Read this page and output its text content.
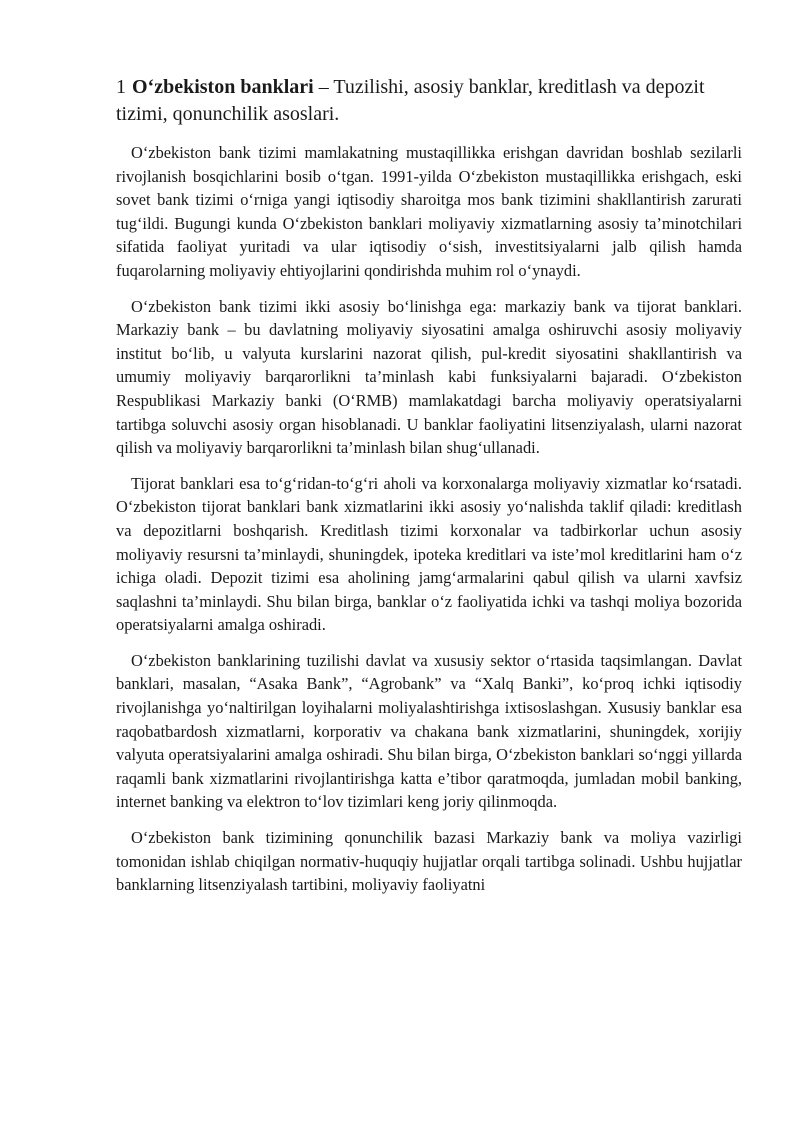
1 O‘zbekiston banklari – Tuzilishi, asosiy banklar, kreditlash va depozit tizimi, qonunchilik asoslari.

O‘zbekiston bank tizimi mamlakatning mustaqillikka erishgan davridan boshlab sezilarli rivojlanish bosqichlarini bosib o‘tgan. 1991-yilda O‘zbekiston mustaqillikka erishgach, eski sovet bank tizimi o‘rniga yangi iqtisodiy sharoitga mos bank tizimini shakllantirish zarurati tug‘ildi. Bugungi kunda O‘zbekiston banklari moliyaviy xizmatlarning asosiy ta’minotchilari sifatida faoliyat yuritadi va ular iqtisodiy o‘sish, investitsiyalarni jalb qilish hamda fuqarolarning moliyaviy ehtiyojlarini qondirishda muhim rol o‘ynaydi.

O‘zbekiston bank tizimi ikki asosiy bo‘linishga ega: markaziy bank va tijorat banklari. Markaziy bank – bu davlatning moliyaviy siyosatini amalga oshiruvchi asosiy moliyaviy institut bo‘lib, u valyuta kurslarini nazorat qilish, pul-kredit siyosatini shakllantirish va umumiy moliyaviy barqarorlikni ta’minlash kabi funksiyalarni bajaradi. O‘zbekiston Respublikasi Markaziy banki (O‘RMB) mamlakatdagi barcha moliyaviy operatsiyalarni tartibga soluvchi asosiy organ hisoblanadi. U banklar faoliyatini litsenziyalash, ularni nazorat qilish va moliyaviy barqarorlikni ta’minlash bilan shug‘ullanadi.

Tijorat banklari esa to‘g‘ridan-to‘g‘ri aholi va korxonalarga moliyaviy xizmatlar ko‘rsatadi. O‘zbekiston tijorat banklari bank xizmatlarini ikki asosiy yo‘nalishda taklif qiladi: kreditlash va depozitlarni boshqarish. Kreditlash tizimi korxonalar va tadbirkorlar uchun asosiy moliyaviy resursni ta’minlaydi, shuningdek, ipoteka kreditlari va iste’mol kreditlarini ham o‘z ichiga oladi. Depozit tizimi esa aholining jamg‘armalarini qabul qilish va ularni xavfsiz saqlashni ta’minlaydi. Shu bilan birga, banklar o‘z faoliyatida ichki va tashqi moliya bozorida operatsiyalarni amalga oshiradi.

O‘zbekiston banklarining tuzilishi davlat va xususiy sektor o‘rtasida taqsimlangan. Davlat banklari, masalan, “Asaka Bank”, “Agrobank” va “Xalq Banki”, ko‘proq ichki iqtisodiy rivojlanishga yo‘naltirilgan loyihalarni moliyalashtirishga ixtisoslashgan. Xususiy banklar esa raqobatbardosh xizmatlarni, korporativ va chakana bank xizmatlarini, shuningdek, xorijiy valyuta operatsiyalarini amalga oshiradi. Shu bilan birga, O‘zbekiston banklari so‘nggi yillarda raqamli bank xizmatlarini rivojlantirishga katta e’tibor qaratmoqda, jumladan mobil banking, internet banking va elektron to‘lov tizimlari keng joriy qilinmoqda.

O‘zbekiston bank tizimining qonunchilik bazasi Markaziy bank va moliya vazirligi tomonidan ishlab chiqilgan normativ-huquqiy hujjatlar orqali tartibga solinadi. Ushbu hujjatlar banklarning litsenziyalash tartibini, moliyaviy faoliyatni
